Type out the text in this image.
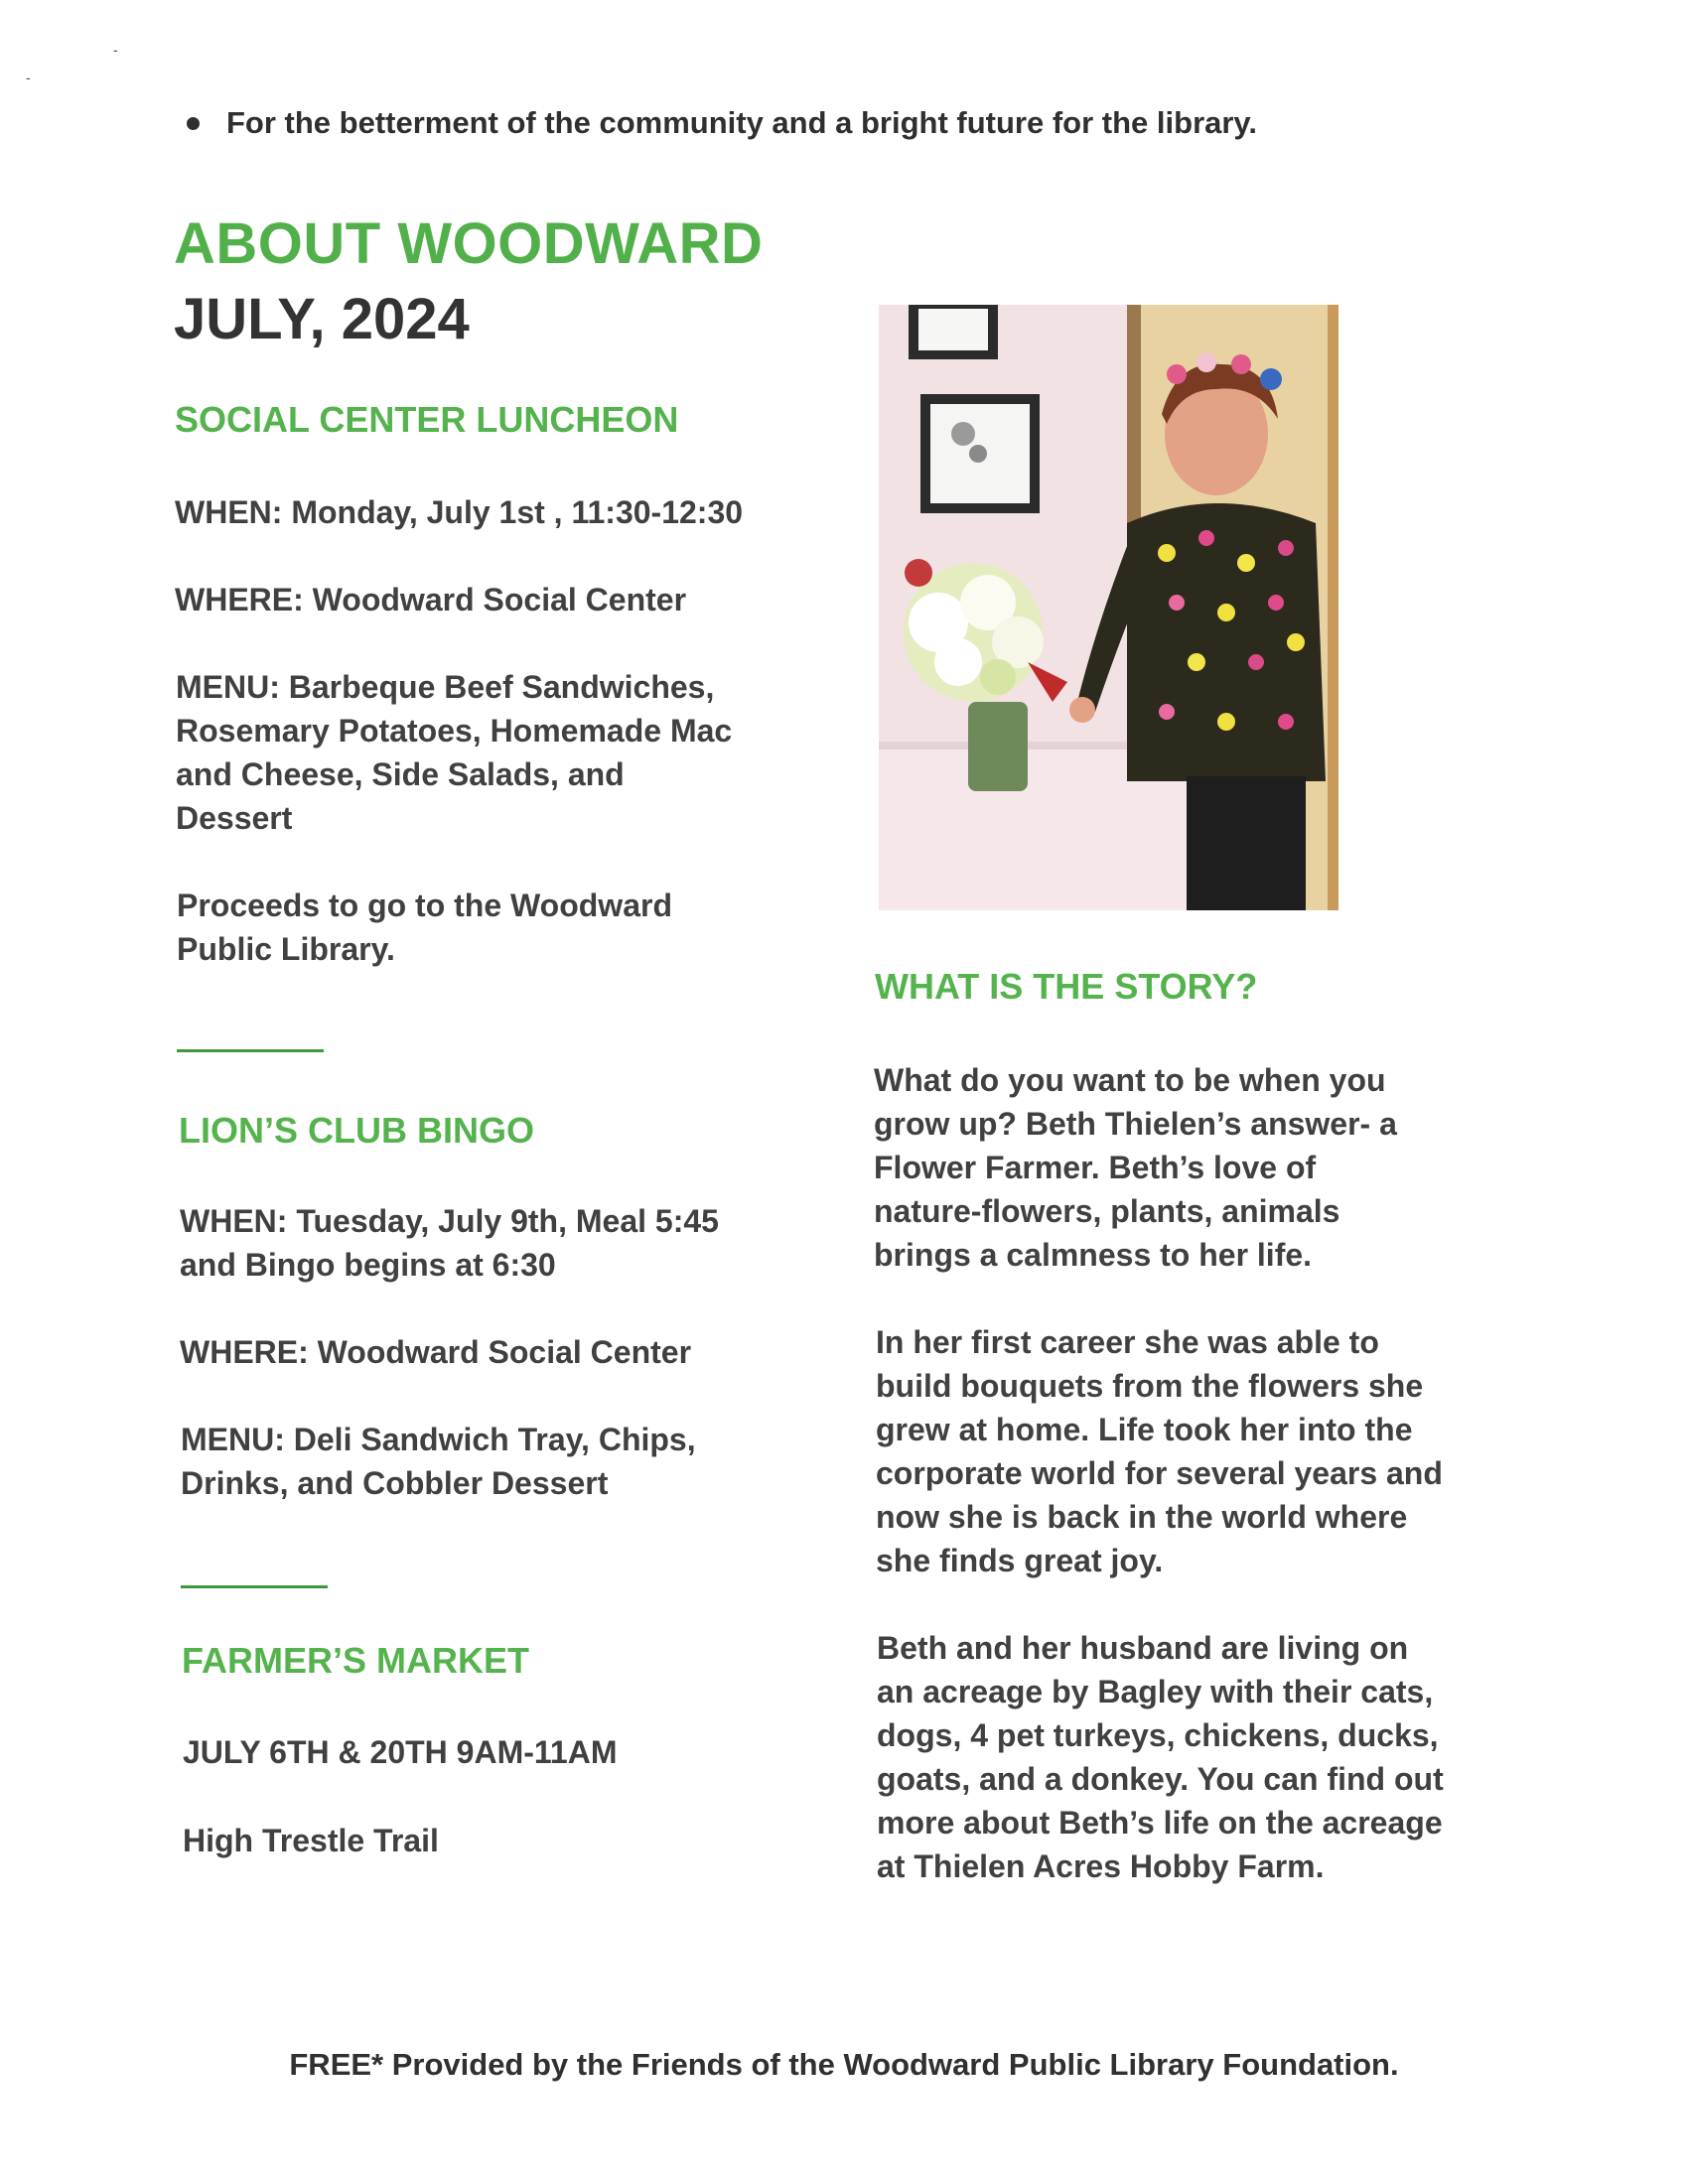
-
-
For the betterment of the community and a bright future for the library.
ABOUT WOODWARD
JULY, 2024
SOCIAL CENTER LUNCHEON
WHEN: Monday, July 1st , 11:30-12:30
WHERE: Woodward Social Center
MENU: Barbeque Beef Sandwiches,
Rosemary Potatoes, Homemade Mac
and Cheese, Side Salads, and
Dessert
Proceeds to go to the Woodward
Public Library.
LION’S CLUB BINGO
WHEN: Tuesday, July 9th, Meal 5:45
and Bingo begins at 6:30
WHERE: Woodward Social Center
MENU: Deli Sandwich Tray, Chips,
Drinks, and Cobbler Dessert
FARMER’S MARKET
JULY 6TH & 20TH 9AM-11AM
High Trestle Trail
WHAT IS THE STORY?
What do you want to be when you
grow up? Beth Thielen’s answer- a
Flower Farmer. Beth’s love of
nature-flowers, plants, animals
brings a calmness to her life.
In her first career she was able to
build bouquets from the flowers she
grew at home. Life took her into the
corporate world for several years and
now she is back in the world where
she finds great joy.
Beth and her husband are living on
an acreage by Bagley with their cats,
dogs, 4 pet turkeys, chickens, ducks,
goats, and a donkey. You can find out
more about Beth’s life on the acreage
at Thielen Acres Hobby Farm.
FREE* Provided by the Friends of the Woodward Public Library Foundation.
